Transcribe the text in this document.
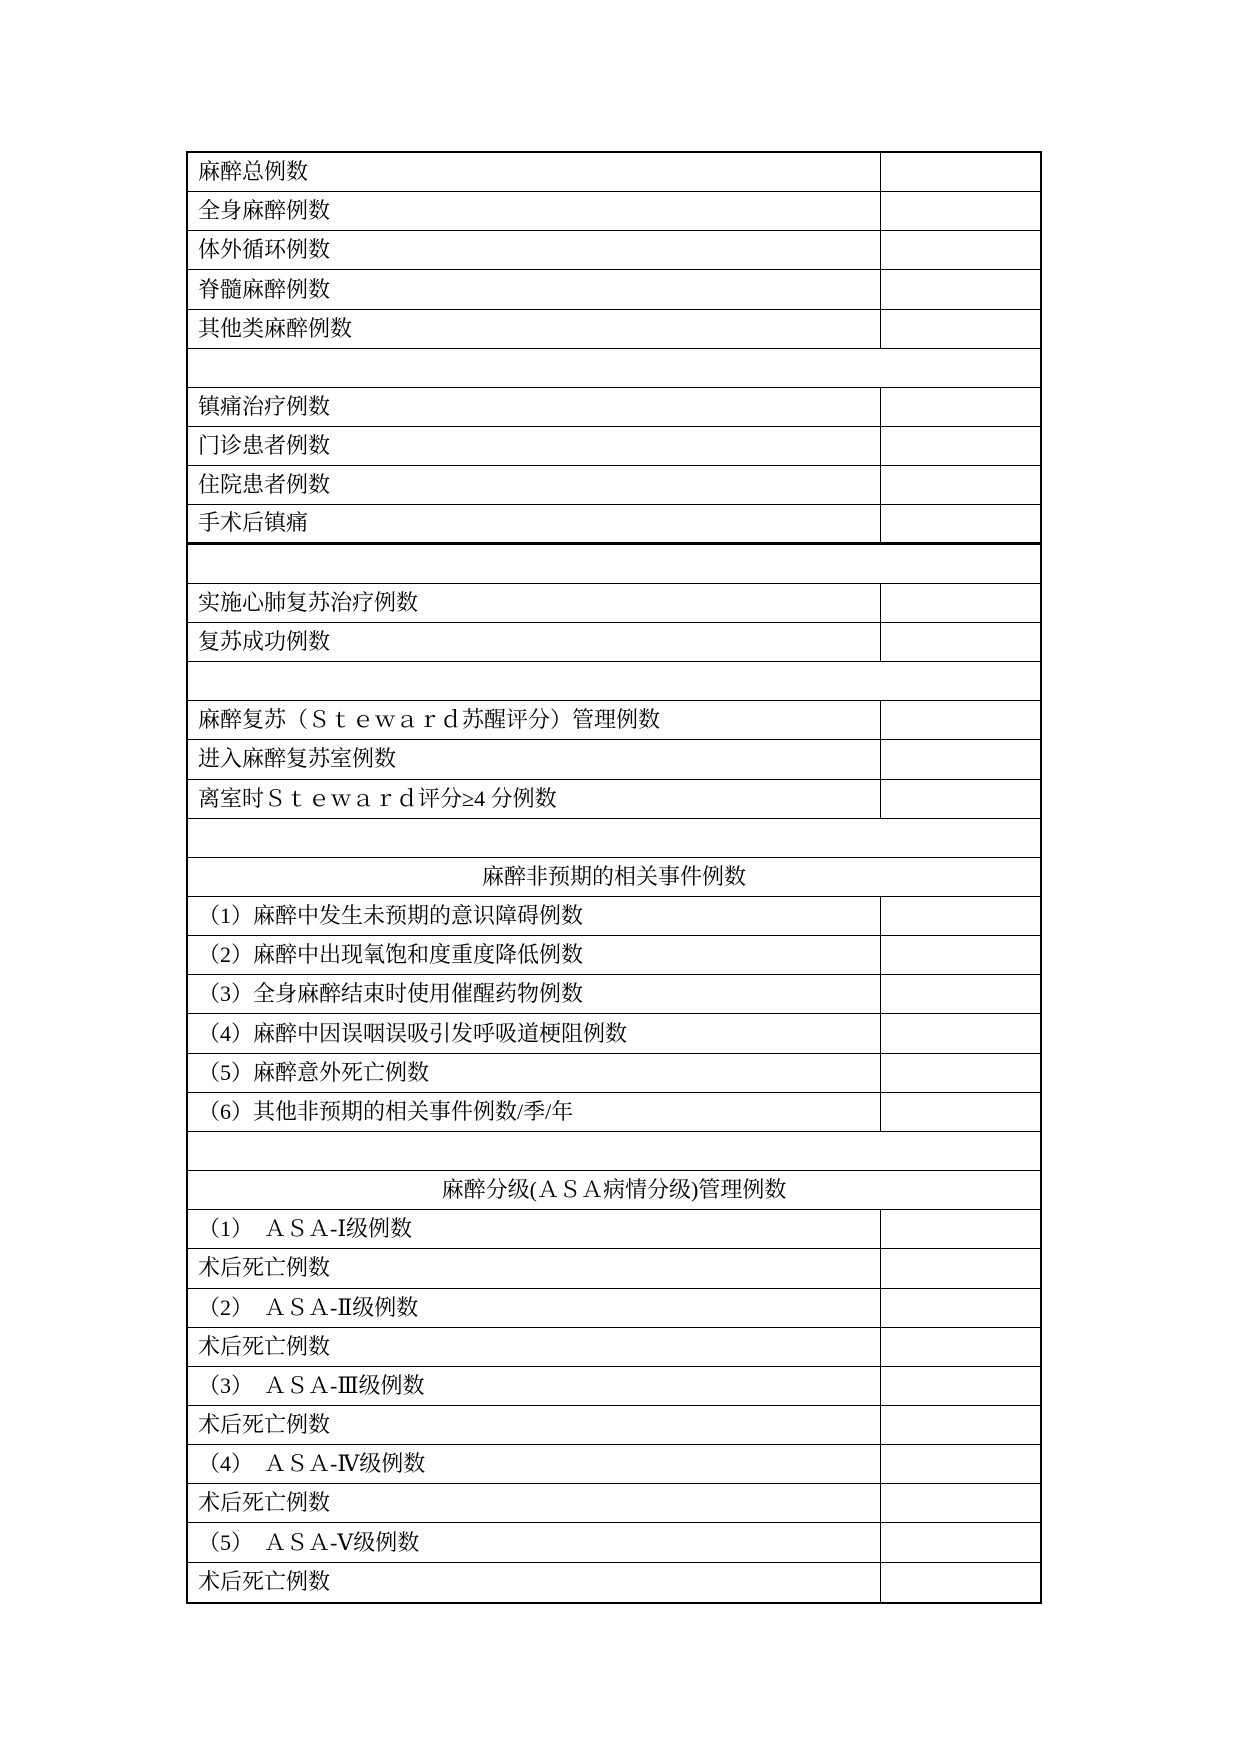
麻醉总例数
全身麻醉例数
体外循环例数
脊髓麻醉例数
其他类麻醉例数
镇痛治疗例数
门诊患者例数
住院患者例数
手术后镇痛
实施心肺复苏治疗例数
复苏成功例数
麻醉复苏（Ｓｔｅｗａｒｄ苏醒评分）管理例数
进入麻醉复苏室例数
离室时Ｓｔｅｗａｒｄ评分≥4 分例数
麻醉非预期的相关事件例数
（1）麻醉中发生未预期的意识障碍例数
（2）麻醉中出现氧饱和度重度降低例数
（3）全身麻醉结束时使用催醒药物例数
（4）麻醉中因误咽误吸引发呼吸道梗阻例数
（5）麻醉意外死亡例数
（6）其他非预期的相关事件例数/季/年
麻醉分级(ＡＳＡ病情分级)管理例数
（1）　ＡＳＡ-Ⅰ级例数
术后死亡例数
（2）　ＡＳＡ-Ⅱ级例数
术后死亡例数
（3）　ＡＳＡ-Ⅲ级例数
术后死亡例数
（4）　ＡＳＡ-Ⅳ级例数
术后死亡例数
（5）　ＡＳＡ-Ⅴ级例数
术后死亡例数
